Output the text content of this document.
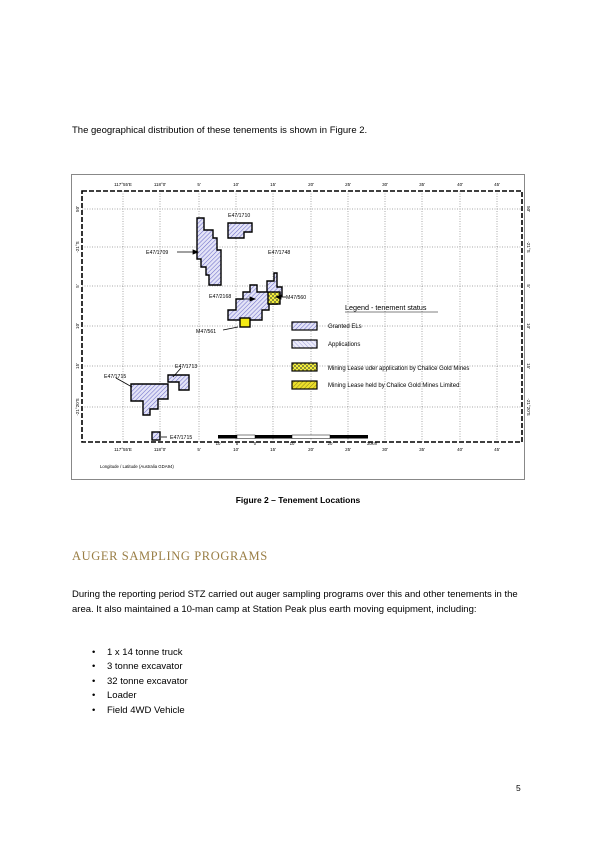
The geographical distribution of these tenements is shown in Figure 2.

117°55'E	118°0'	5'	10'	15'	20'	25'	30'	35'	40'	45'
117°55'E	118°0'	5'	10'	15'	20'	25'	30'	35'	40'	45'
50'
-21°S
5'
10'
15'
-21°20'S
50'
-21°S
5'
10'
15'
-21°20'S
E47/1710
E47/1709	E47/1748
E47/2168	M47/560
M47/561
E47/1713
E47/1715
E47/1715
Legend - tenement status
Granted ELs
Applications
Mining Lease uder application by Chalice Gold Mines
Mining Lease held by Chalice Gold Mines Limited
Longitude / Latitude (Australia GDA94)
10	5	0	10	20	30km

Figure 2 – Tenement Locations

AUGER SAMPLING PROGRAMS

During the reporting period STZ carried out auger sampling programs over this and other tenements in the area. It also maintained a 10-man camp at Station Peak plus earth moving equipment, including:

• 1 x 14 tonne truck
• 3 tonne excavator
• 32 tonne excavator
• Loader
• Field 4WD Vehicle

5
